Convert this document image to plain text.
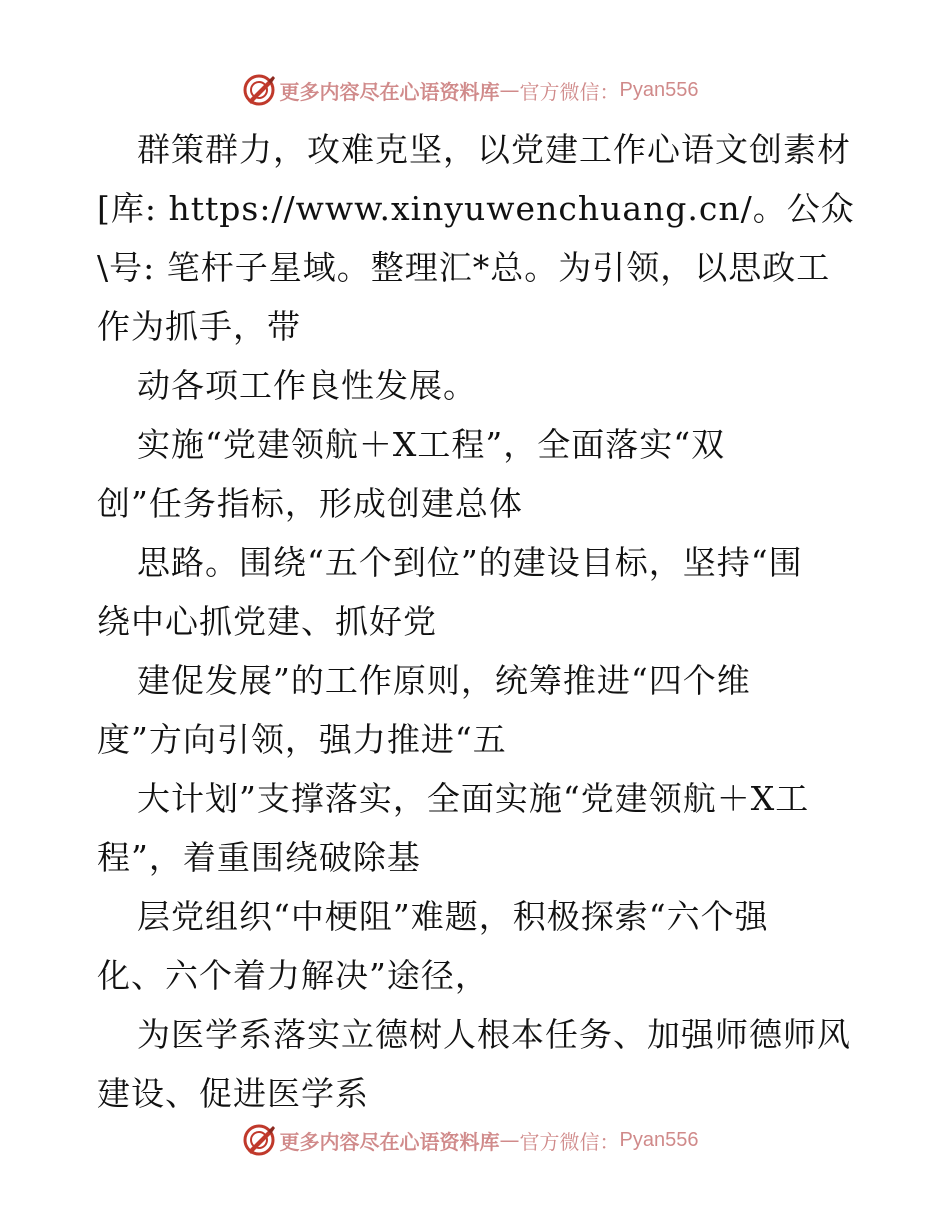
更多内容尽在心语资料库 — 官方微信： Pyan556
群策群力，攻难克坚，以党建工作心语文创素材
[库: https://www.xinyuwenchuang.cn/。公众
\号: 笔杆子星域。整理汇*总。为引领，以思政工
作为抓手，带
动各项工作良性发展。
实施“党建领航＋X工程”，全面落实“双
创”任务指标，形成创建总体
思路。围绕“五个到位”的建设目标，坚持“围
绕中心抓党建、抓好党
建促发展”的工作原则，统筹推进“四个维
度”方向引领，强力推进“五
大计划”支撑落实，全面实施“党建领航＋X工
程”，着重围绕破除基
层党组织“中梗阻”难题，积极探索“六个强
化、六个着力解决”途径，
为医学系落实立德树人根本任务、加强师德师风
建设、促进医学系
更多内容尽在心语资料库 — 官方微信： Pyan556
